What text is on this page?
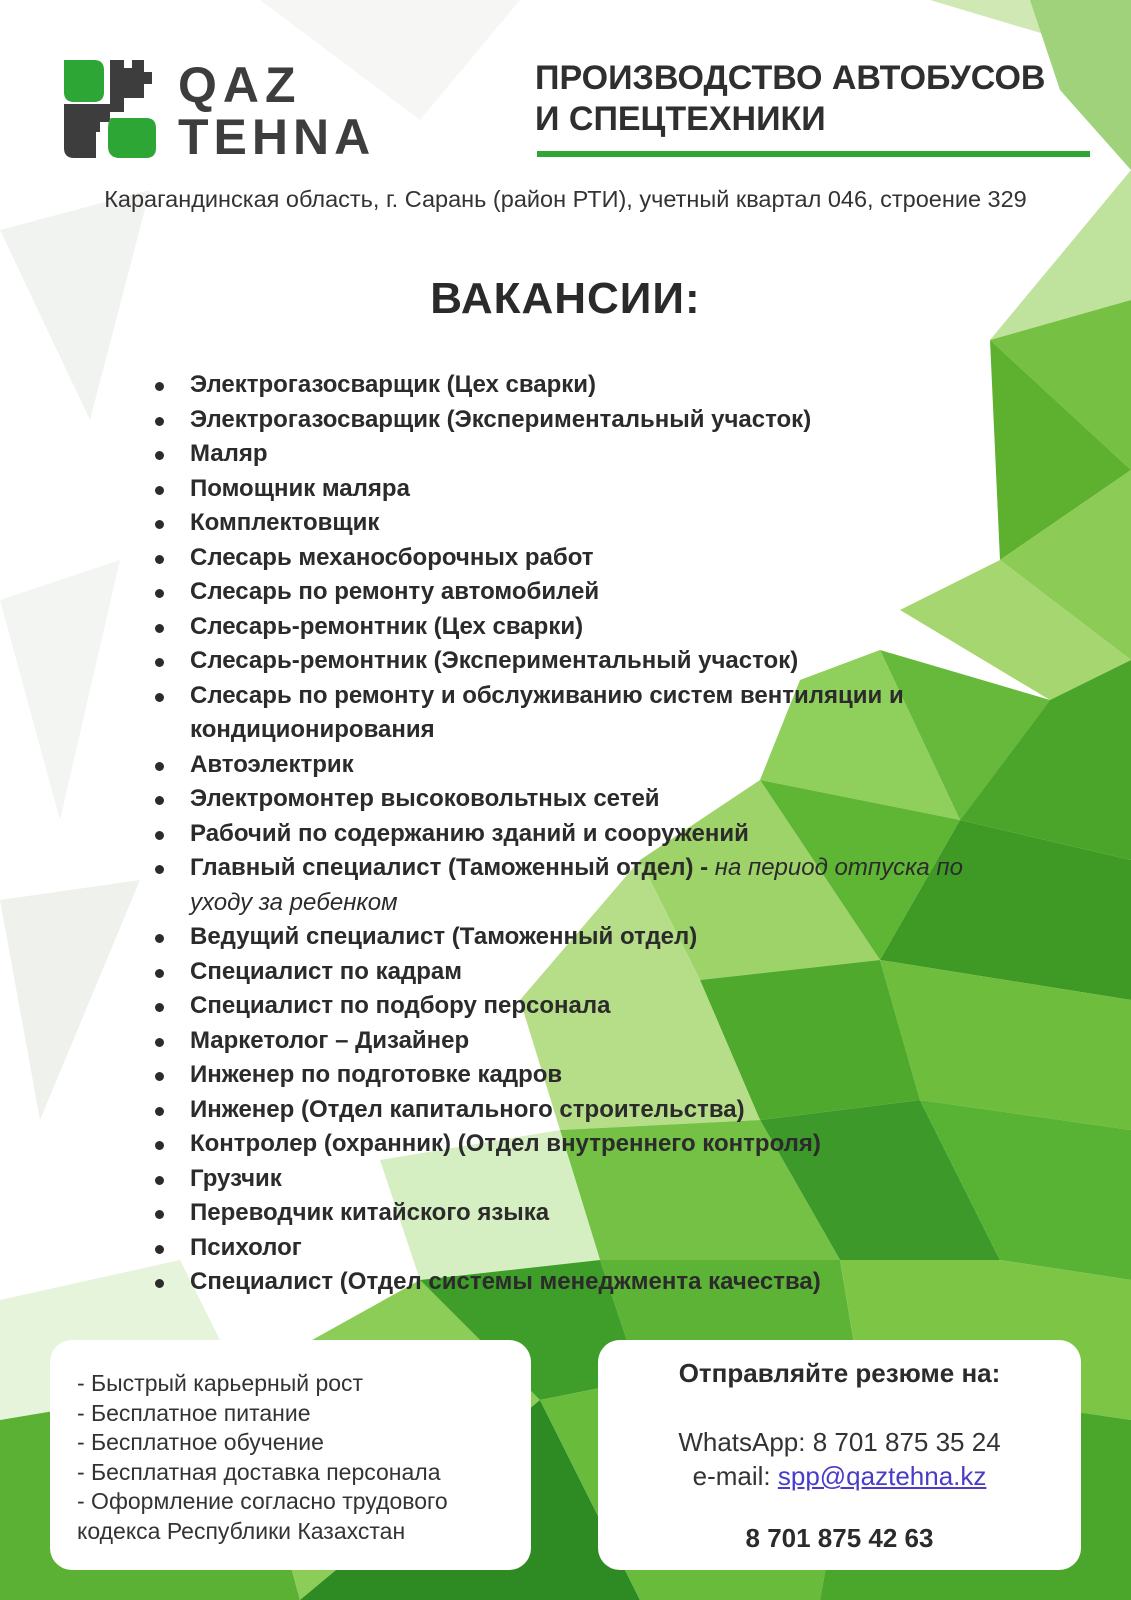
QAZ
TEHNA
ПРОИЗВОДСТВО АВТОБУСОВ
И СПЕЦТЕХНИКИ
Карагандинская область, г. Сарань (район РТИ), учетный квартал 046, строение 329
ВАКАНСИИ:
Электрогазосварщик (Цех сварки)
Электрогазосварщик (Экспериментальный участок)
Маляр
Помощник маляра
Комплектовщик
Слесарь механосборочных работ
Слесарь по ремонту автомобилей
Слесарь-ремонтник (Цех сварки)
Слесарь-ремонтник (Экспериментальный участок)
Слесарь по ремонту и обслуживанию систем вентиляции и кондиционирования
Автоэлектрик
Электромонтер высоковольтных сетей
Рабочий по содержанию зданий и сооружений
Главный специалист (Таможенный отдел) - на период отпуска по уходу за ребенком
Ведущий специалист (Таможенный отдел)
Специалист по кадрам
Специалист по подбору персонала
Маркетолог – Дизайнер
Инженер по подготовке кадров
Инженер (Отдел капитального строительства)
Контролер (охранник) (Отдел внутреннего контроля)
Грузчик
Переводчик китайского языка
Психолог
Специалист (Отдел системы менеджмента качества)
- Быстрый карьерный рост
- Бесплатное питание
- Бесплатное обучение
- Бесплатная доставка персонала
- Оформление согласно трудового
кодекса Республики Казахстан
Отправляйте резюме на:
WhatsApp: 8 701 875 35 24
e-mail: spp@qaztehna.kz
8 701 875 42 63
